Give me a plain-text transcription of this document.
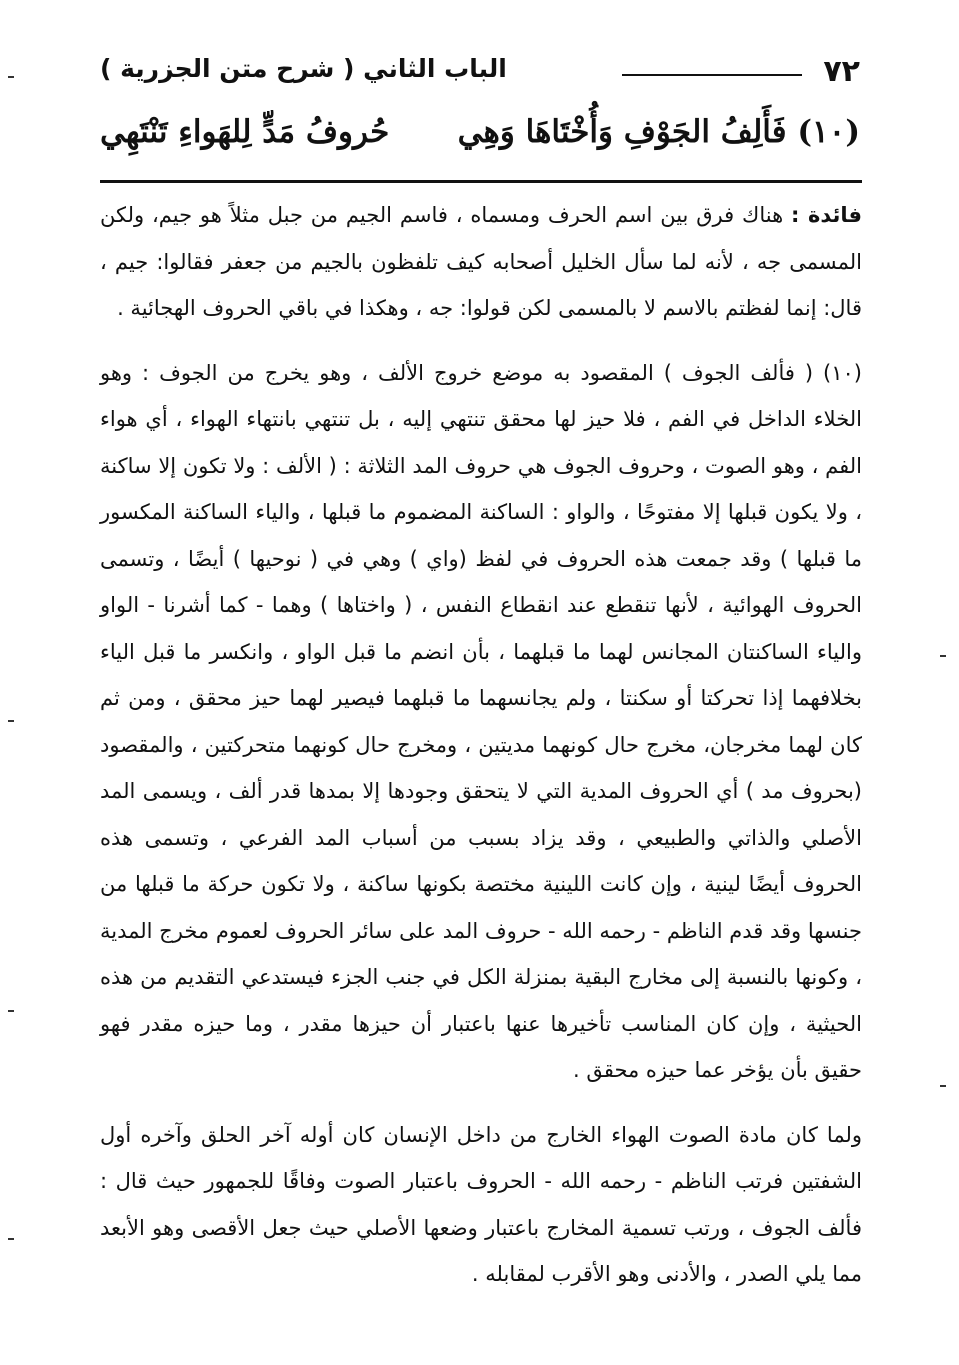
٧٢
الباب الثاني ( شرح متن الجزرية )
(١٠) فَأَلِفُ الجَوْفِ وَأُخْتَاهَا وَهِي
حُروفُ مَدٍّ لِلهَواءِ تَنْتَهِي

فائدة : هناك فرق بين اسم الحرف ومسماه ، فاسم الجيم من جبل مثلاً هو جيم، ولكن المسمى جه ، لأنه لما سأل الخليل أصحابه كيف تلفظون بالجيم من جعفر فقالوا: جيم ، قال: إنما لفظتم بالاسم لا بالمسمى لكن قولوا: جه ، وهكذا في باقي الحروف الهجائية .

(١٠) ( فألف الجوف ) المقصود به موضع خروج الألف ، وهو يخرج من الجوف : وهو الخلاء الداخل في الفم ، فلا حيز لها محقق تنتهي إليه ، بل تنتهي بانتهاء الهواء ، أي هواء الفم ، وهو الصوت ، وحروف الجوف هي حروف المد الثلاثة : ( الألف : ولا تكون إلا ساكنة ، ولا يكون قبلها إلا مفتوحًا ، والواو : الساكنة المضموم ما قبلها ، والياء الساكنة المكسور ما قبلها ) وقد جمعت هذه الحروف في لفظ (واي ) وهي في ( نوحيها ) أيضًا ، وتسمى الحروف الهوائية ، لأنها تنقطع عند انقطاع النفس ، ( واختاها ) وهما - كما أشرنا - الواو والياء الساكنتان المجانس لهما ما قبلهما ، بأن انضم ما قبل الواو ، وانكسر ما قبل الياء بخلافهما إذا تحركتا أو سكنتا ، ولم يجانسهما ما قبلهما فيصير لهما حيز محقق ، ومن ثم كان لهما مخرجان، مخرج حال كونهما مديتين ، ومخرج حال كونهما متحركتين ، والمقصود (بحروف مد ) أي الحروف المدية التي لا يتحقق وجودها إلا بمدها قدر ألف ، ويسمى المد الأصلي والذاتي والطبيعي ، وقد يزاد بسبب من أسباب المد الفرعي ، وتسمى هذه الحروف أيضًا لينية ، وإن كانت اللينية مختصة بكونها ساكنة ، ولا تكون حركة ما قبلها من جنسها وقد قدم الناظم - رحمه الله - حروف المد على سائر الحروف لعموم مخرج المدية ، وكونها بالنسبة إلى مخارج البقية بمنزلة الكل في جنب الجزء فيستدعي التقديم من هذه الحيثية ، وإن كان المناسب تأخيرها عنها باعتبار أن حيزها مقدر ، وما حيزه مقدر فهو حقيق بأن يؤخر عما حيزه محقق .

ولما كان مادة الصوت الهواء الخارج من داخل الإنسان كان أوله آخر الحلق وآخره أول الشفتين فرتب الناظم - رحمه الله - الحروف باعتبار الصوت وفاقًا للجمهور حيث قال : فألف الجوف ، ورتب تسمية المخارج باعتبار وضعها الأصلي حيث جعل الأقصى وهو الأبعد مما يلي الصدر ، والأدنى وهو الأقرب لمقابله .
